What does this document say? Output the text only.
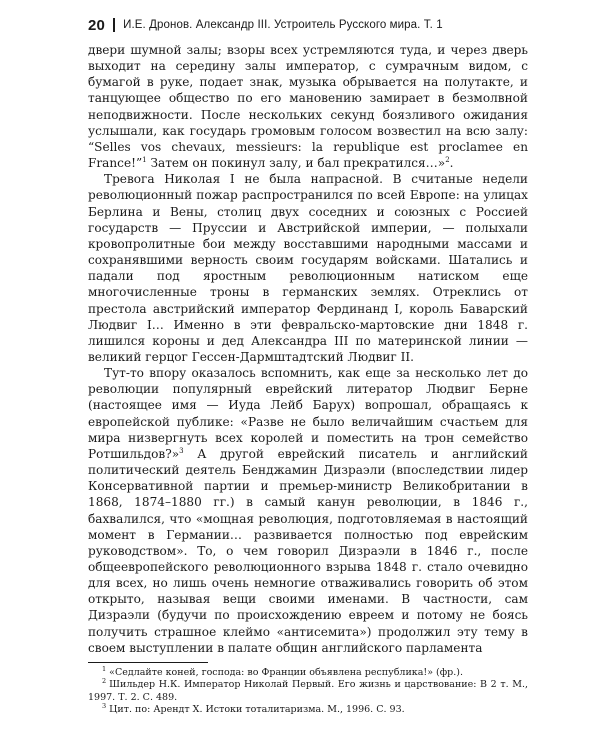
20 И.Е. Дронов. Александр III. Устроитель Русского мира. Т. 1

двери шумной залы; взоры всех устремляются туда, и через дверь выходит на середину залы император, с сумрачным видом, с бумагой в руке, подает знак, музыка обрывается на полутакте, и танцующее общество по его мановению замирает в безмолвной неподвижности. После нескольких секунд боязливого ожидания услышали, как государь громовым голосом возвестил на всю залу: “Selles vos chevaux, messieurs: la republique est proclamee en France!”$^1$ Затем он покинул залу, и бал прекратился…»$^2$.

Тревога Николая I не была напрасной. В считаные недели революционный пожар распространился по всей Европе: на улицах Берлина и Вены, столиц двух соседних и союзных с Россией государств — Пруссии и Австрийской империи, — полыхали кровопролитные бои между восставшими народными массами и сохранявшими верность своим государям войсками. Шатались и падали под яростным революционным натиском еще многочисленные троны в германских землях. Отреклись от престола австрийский император Фердинанд I, король Баварский Людвиг I… Именно в эти февральско-мартовские дни 1848 г. лишился короны и дед Александра III по материнской линии — великий герцог Гессен-Дармштадтский Людвиг II.

Тут-то впору оказалось вспомнить, как еще за несколько лет до революции популярный еврейский литератор Людвиг Берне (настоящее имя — Иуда Лейб Барух) вопрошал, обращаясь к европейской публике: «Разве не было величайшим счастьем для мира низвергнуть всех королей и поместить на трон семейство Ротшильдов?»$^3$ А другой еврейский писатель и английский политический деятель Бенджамин Дизраэли (впоследствии лидер Консервативной партии и премьер-министр Великобритании в 1868, 1874–1880 гг.) в самый канун революции, в 1846 г., бахвалился, что «мощная революция, подготовляемая в настоящий момент в Германии… развивается полностью под еврейским руководством». То, о чем говорил Дизраэли в 1846 г., после общеевропейского революционного взрыва 1848 г. стало очевидно для всех, но лишь очень немногие отваживались говорить об этом открыто, называя вещи своими именами. В частности, сам Дизраэли (будучи по происхождению евреем и потому не боясь получить страшное клеймо «антисемита») продолжил эту тему в своем выступлении в палате общин английского парламента

$^1$ «Седлайте коней, господа: во Франции объявлена республика!» (фр.).

$^2$ Шильдер Н.К. Император Николай Первый. Его жизнь и царствование: В 2 т. М., 1997. Т. 2. С. 489.

$^3$ Цит. по: Арендт Х. Истоки тоталитаризма. М., 1996. С. 93.
